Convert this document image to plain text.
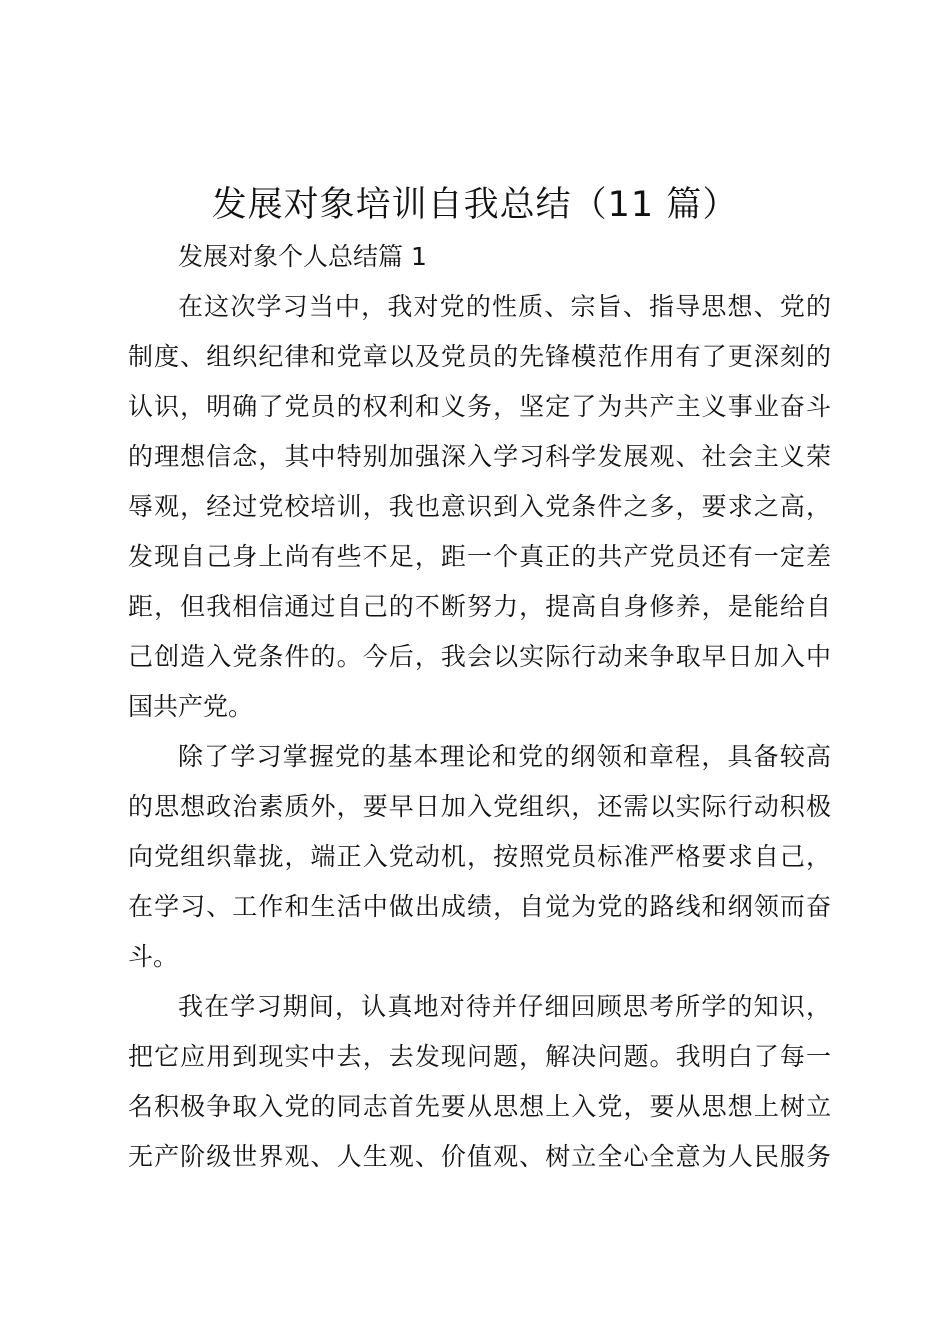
发展对象培训自我总结（11 篇）
发展对象个人总结篇 1
在这次学习当中，我对党的性质、宗旨、指导思想、党的
制度、组织纪律和党章以及党员的先锋模范作用有了更深刻的
认识，明确了党员的权利和义务，坚定了为共产主义事业奋斗
的理想信念，其中特别加强深入学习科学发展观、社会主义荣
辱观，经过党校培训，我也意识到入党条件之多，要求之高，
发现自己身上尚有些不足，距一个真正的共产党员还有一定差
距，但我相信通过自己的不断努力，提高自身修养，是能给自
己创造入党条件的。今后，我会以实际行动来争取早日加入中
国共产党。
除了学习掌握党的基本理论和党的纲领和章程，具备较高
的思想政治素质外，要早日加入党组织，还需以实际行动积极
向党组织靠拢，端正入党动机，按照党员标准严格要求自己，
在学习、工作和生活中做出成绩，自觉为党的路线和纲领而奋
斗。
我在学习期间，认真地对待并仔细回顾思考所学的知识，
把它应用到现实中去，去发现问题，解决问题。我明白了每一
名积极争取入党的同志首先要从思想上入党，要从思想上树立
无产阶级世界观、人生观、价值观、树立全心全意为人民服务
